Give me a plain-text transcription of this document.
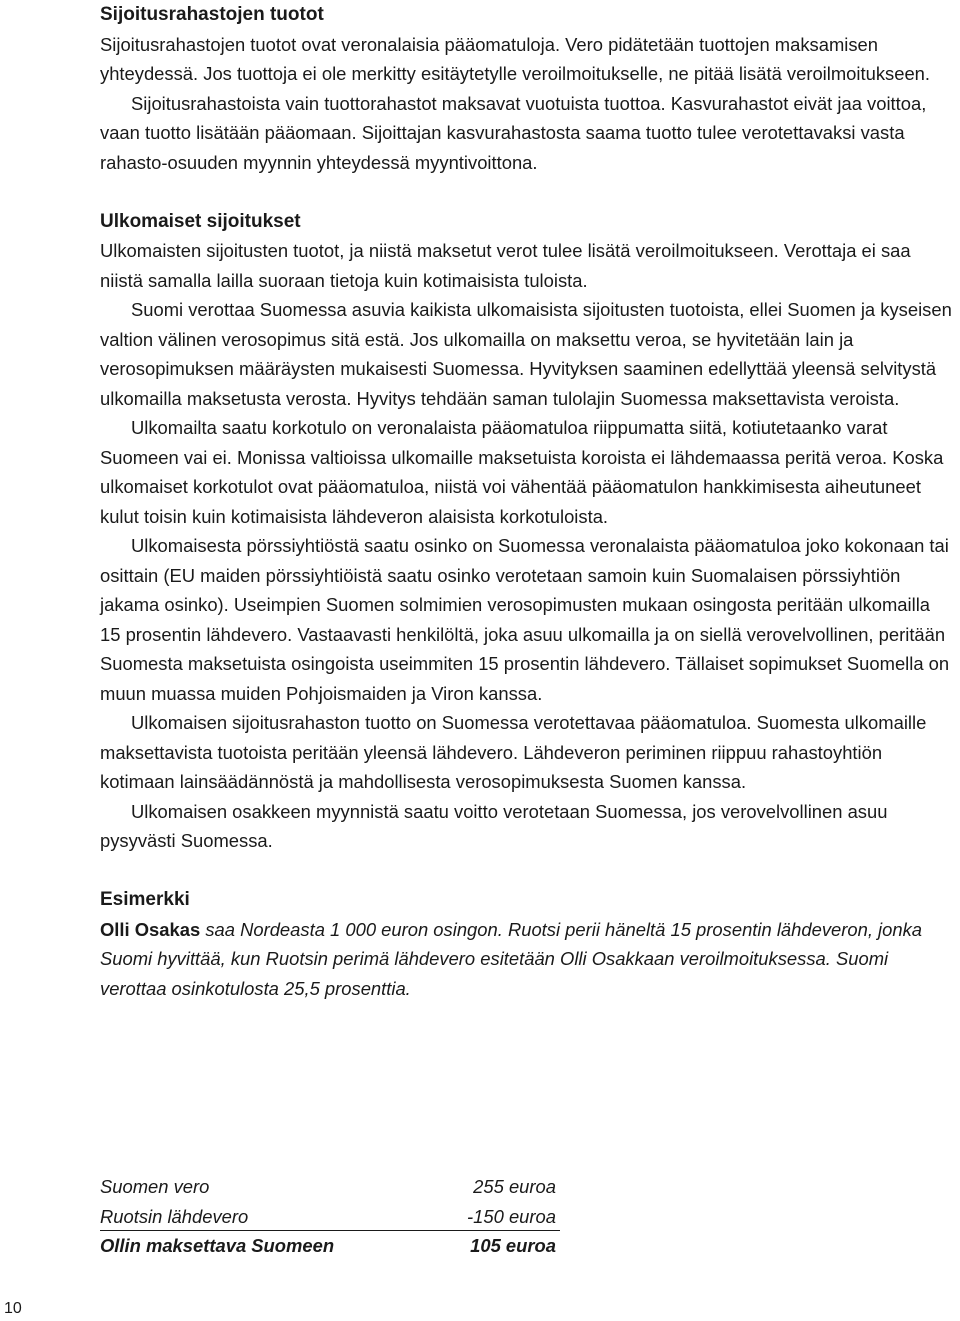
Sijoitusrahastojen tuotot

Sijoitusrahastojen tuotot ovat veronalaisia pääomatuloja. Vero pidätetään tuottojen maksamisen yhteydessä. Jos tuottoja ei ole merkitty esitäytetylle veroilmoitukselle, ne pitää lisätä veroilmoitukseen.

Sijoitusrahastoista vain tuottorahastot maksavat vuotuista tuottoa. Kasvurahastot eivät jaa voittoa, vaan tuotto lisätään pääomaan. Sijoittajan kasvurahastosta saama tuotto tulee verotettavaksi vasta rahasto-osuuden myynnin yhteydessä myyntivoittona.

Ulkomaiset sijoitukset

Ulkomaisten sijoitusten tuotot, ja niistä maksetut verot tulee lisätä veroilmoitukseen. Verottaja ei saa niistä samalla lailla suoraan tietoja kuin kotimaisista tuloista.

Suomi verottaa Suomessa asuvia kaikista ulkomaisista sijoitusten tuotoista, ellei Suomen ja kyseisen valtion välinen verosopimus sitä estä. Jos ulkomailla on maksettu veroa, se hyvitetään lain ja verosopimuksen määräysten mukaisesti Suomessa. Hyvityksen saaminen edellyttää yleensä selvitystä ulkomailla maksetusta verosta. Hyvitys tehdään saman tulolajin Suomessa maksettavista veroista.

Ulkomailta saatu korkotulo on veronalaista pääomatuloa riippumatta siitä, kotiutetaanko varat Suomeen vai ei. Monissa valtioissa ulkomaille maksetuista koroista ei lähdemaassa peritä veroa. Koska ulkomaiset korkotulot ovat pääomatuloa, niistä voi vähentää pääomatulon hankkimisesta aiheutuneet kulut toisin kuin kotimaisista lähdeveron alaisista korkotuloista.

Ulkomaisesta pörssiyhtiöstä saatu osinko on Suomessa veronalaista pääomatuloa joko kokonaan tai osittain (EU maiden pörssiyhtiöistä saatu osinko verotetaan samoin kuin Suomalaisen pörssiyhtiön jakama osinko). Useimpien Suomen solmimien verosopimusten mukaan osingosta peritään ulkomailla 15 prosentin lähdevero. Vastaavasti henkilöltä, joka asuu ulkomailla ja on siellä verovelvollinen, peritään Suomesta maksetuista osingoista useimmiten 15 prosentin lähdevero. Tällaiset sopimukset Suomella on muun muassa muiden Pohjoismaiden ja Viron kanssa.

Ulkomaisen sijoitusrahaston tuotto on Suomessa verotettavaa pääomatuloa. Suomesta ulkomaille maksettavista tuotoista peritään yleensä lähdevero. Lähdeveron periminen riippuu rahastoyhtiön kotimaan lainsäädännöstä ja mahdollisesta verosopimuksesta Suomen kanssa.

Ulkomaisen osakkeen myynnistä saatu voitto verotetaan Suomessa, jos verovelvollinen asuu pysyvästi Suomessa.

Esimerkki

Olli Osakas saa Nordeasta 1 000 euron osingon. Ruotsi perii häneltä 15 prosentin lähdeveron, jonka Suomi hyvittää, kun Ruotsin perimä lähdevero esitetään Olli Osakkaan veroilmoituksessa. Suomi verottaa osinkotulosta 25,5 prosenttia.

Suomen vero	255 euroa
Ruotsin lähdevero	-150 euroa
Ollin maksettava Suomeen	105 euroa
10
